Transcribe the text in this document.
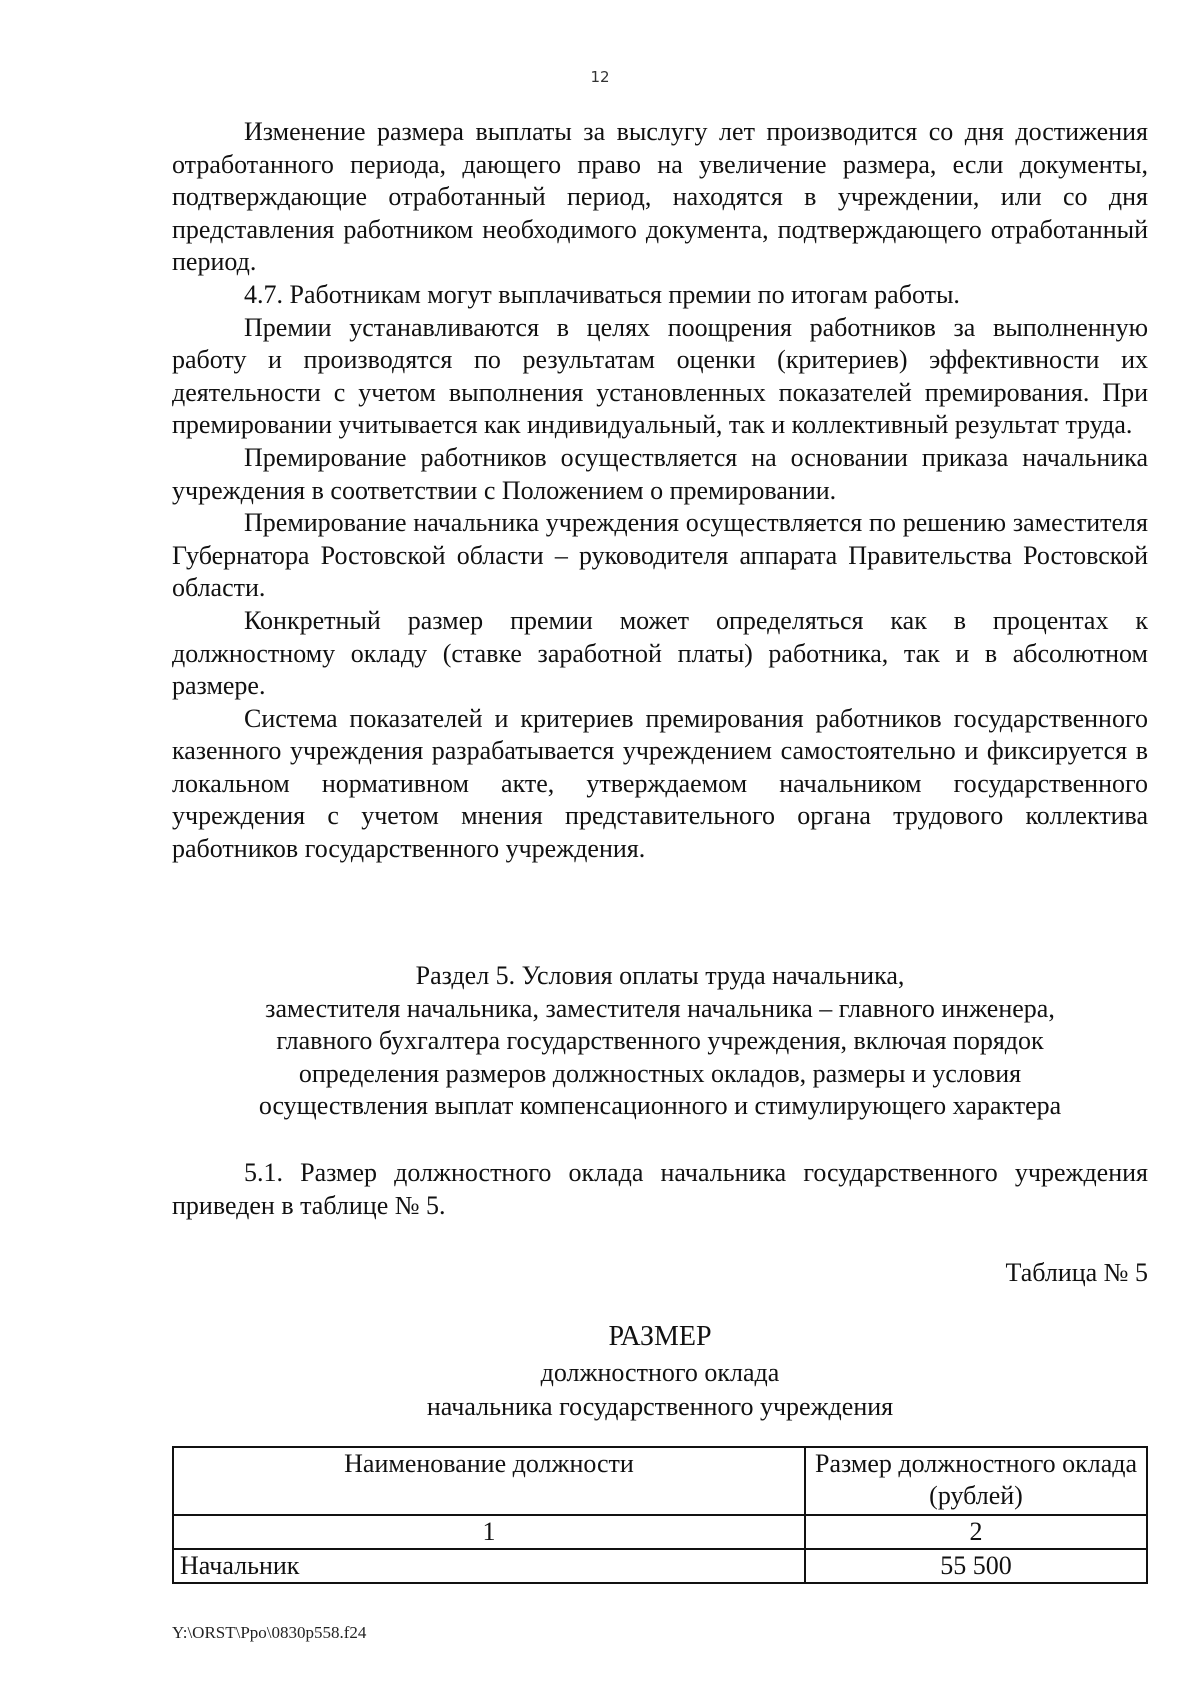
12

Изменение размера выплаты за выслугу лет производится со дня достижения отработанного периода, дающего право на увеличение размера, если документы, подтверждающие отработанный период, находятся в учреждении, или со дня представления работником необходимого документа, подтверждающего отработанный период.

4.7. Работникам могут выплачиваться премии по итогам работы.

Премии устанавливаются в целях поощрения работников за выполненную работу и производятся по результатам оценки (критериев) эффективности их деятельности с учетом выполнения установленных показателей премирования. При премировании учитывается как индивидуальный, так и коллективный результат труда.

Премирование работников осуществляется на основании приказа начальника учреждения в соответствии с Положением о премировании.

Премирование начальника учреждения осуществляется по решению заместителя Губернатора Ростовской области – руководителя аппарата Правительства Ростовской области.

Конкретный размер премии может определяться как в процентах к должностному окладу (ставке заработной платы) работника, так и в абсолютном размере.

Система показателей и критериев премирования работников государственного казенного учреждения разрабатывается учреждением самостоятельно и фиксируется в локальном нормативном акте, утверждаемом начальником государственного учреждения с учетом мнения представительного органа трудового коллектива работников государственного учреждения.

Раздел 5. Условия оплаты труда начальника,
заместителя начальника, заместителя начальника – главного инженера,
главного бухгалтера государственного учреждения, включая порядок
определения размеров должностных окладов, размеры и условия
осуществления выплат компенсационного и стимулирующего характера

5.1. Размер должностного оклада начальника государственного учреждения приведен в таблице № 5.

Таблица № 5
РАЗМЕР
должностного оклада
начальника государственного учреждения
Наименование должности	Размер должностного оклада (рублей)
1	2
Начальник	55 500
Y:\ORST\Ppo\0830p558.f24
